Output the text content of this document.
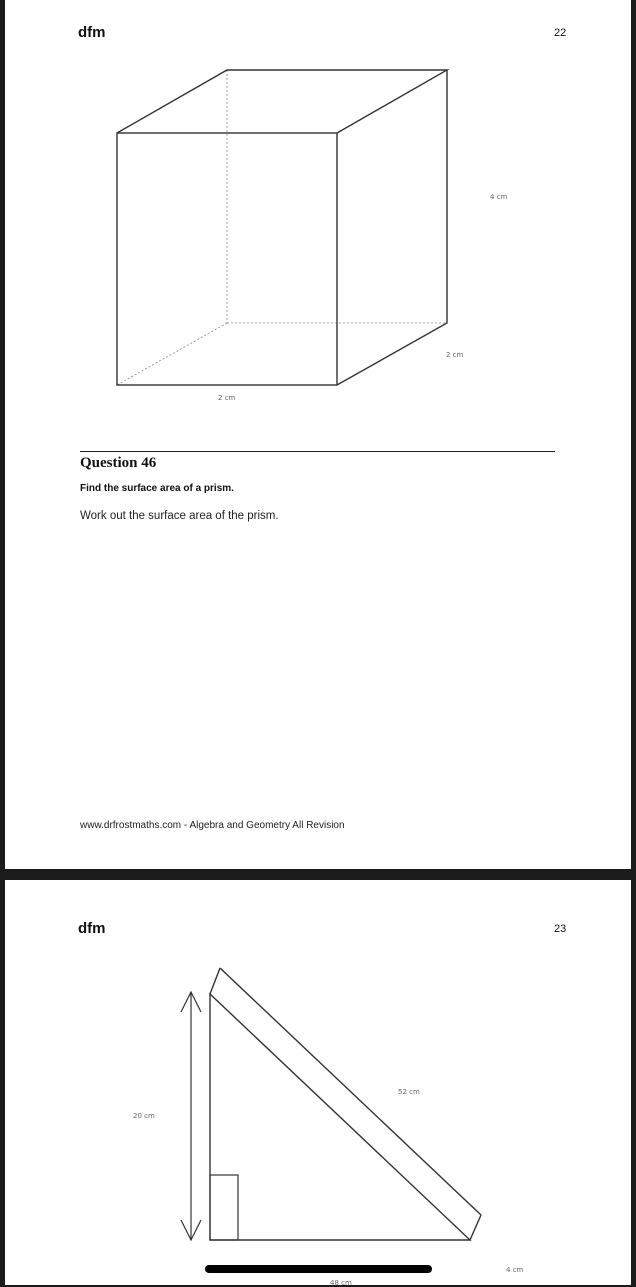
dfm	22
4 cm
2 cm
2 cm
Question 46
Find the surface area of a prism.
Work out the surface area of the prism.
www.drfrostmaths.com - Algebra and Geometry All Revision
dfm	23
20 cm
52 cm
48 cm
4 cm
